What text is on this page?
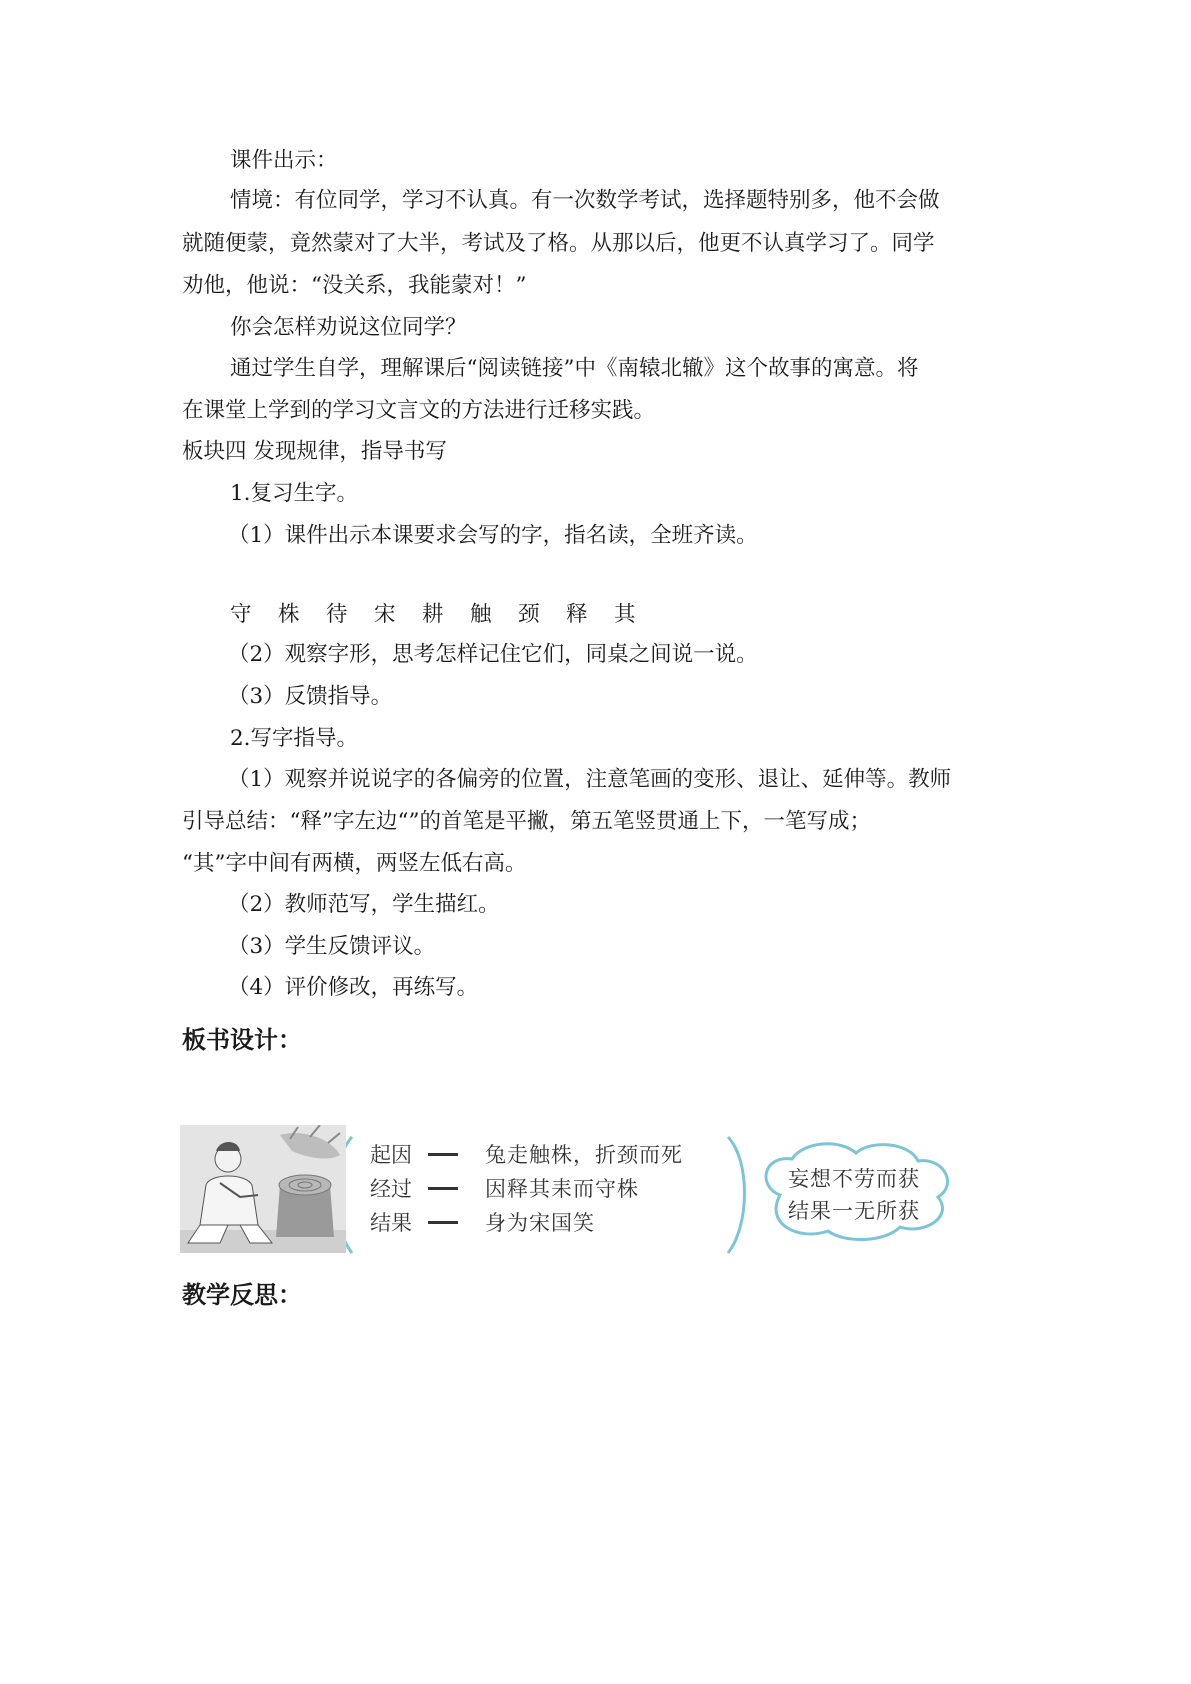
课件出示：
情境：有位同学，学习不认真。有一次数学考试，选择题特别多，他不会做
就随便蒙，竟然蒙对了大半，考试及了格。从那以后，他更不认真学习了。同学
劝他，他说：“没关系，我能蒙对！”
你会怎样劝说这位同学？
通过学生自学，理解课后“阅读链接”中《南辕北辙》这个故事的寓意。将
在课堂上学到的学习文言文的方法进行迁移实践。
板块四 发现规律，指导书写
1.复习生字。
（1）课件出示本课要求会写的字，指名读，全班齐读。
守 株 待 宋 耕 触 颈 释 其
（2）观察字形，思考怎样记住它们，同桌之间说一说。
（3）反馈指导。
2.写字指导。
（1）观察并说说字的各偏旁的位置，注意笔画的变形、退让、延伸等。教师
引导总结：“释”字左边“”的首笔是平撇，第五笔竖贯通上下，一笔写成；
“其”字中间有两横，两竖左低右高。
（2）教师范写，学生描红。
（3）学生反馈评议。
（4）评价修改，再练写。
板书设计：
起因	兔走触株，折颈而死
经过	因释其耒而守株
结果	身为宋国笑
妄想不劳而获
结果一无所获
教学反思：
